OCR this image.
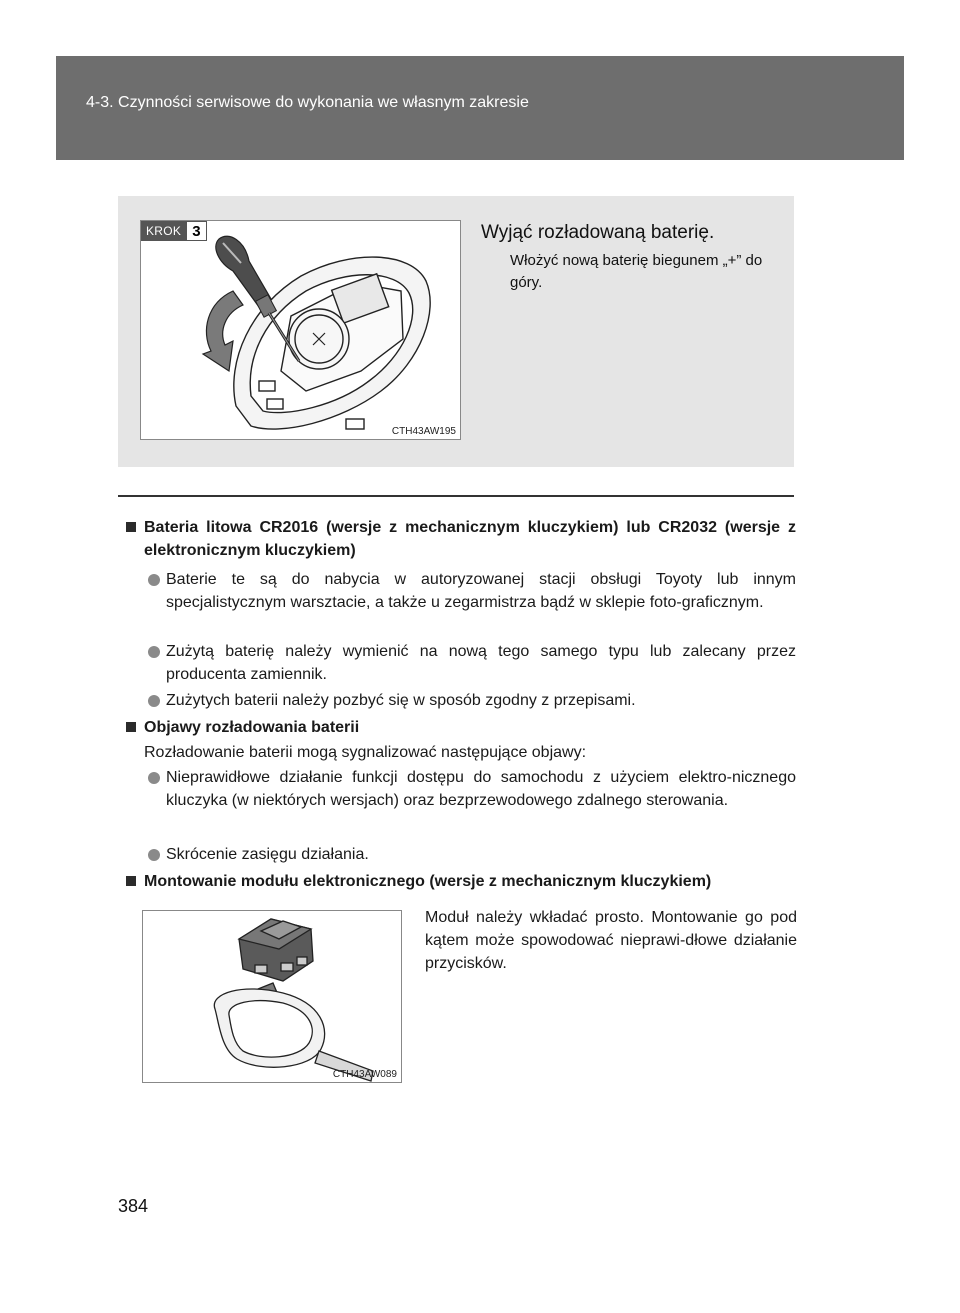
4-3. Czynności serwisowe do wykonania we własnym zakresie
KROK 3
CTH43AW195
Wyjąć rozładowaną baterię.
Włożyć nową baterię biegunem „+” do góry.
Bateria litowa CR2016 (wersje z mechanicznym kluczykiem) lub CR2032 (wersje z elektronicznym kluczykiem)
Baterie te są do nabycia w autoryzowanej stacji obsługi Toyoty lub innym specjalistycznym warsztacie, a także u zegarmistrza bądź w sklepie foto-graficznym.
Zużytą baterię należy wymienić na nową tego samego typu lub zalecany przez producenta zamiennik.
Zużytych baterii należy pozbyć się w sposób zgodny z przepisami.
Objawy rozładowania baterii
Rozładowanie baterii mogą sygnalizować następujące objawy:
Nieprawidłowe działanie funkcji dostępu do samochodu z użyciem elektro-nicznego kluczyka (w niektórych wersjach) oraz bezprzewodowego zdalnego sterowania.
Skrócenie zasięgu działania.
Montowanie modułu elektronicznego (wersje z mechanicznym kluczykiem)
CTH43AW089
Moduł należy wkładać prosto. Montowanie go pod kątem może spowodować nieprawi-dłowe działanie przycisków.
384
